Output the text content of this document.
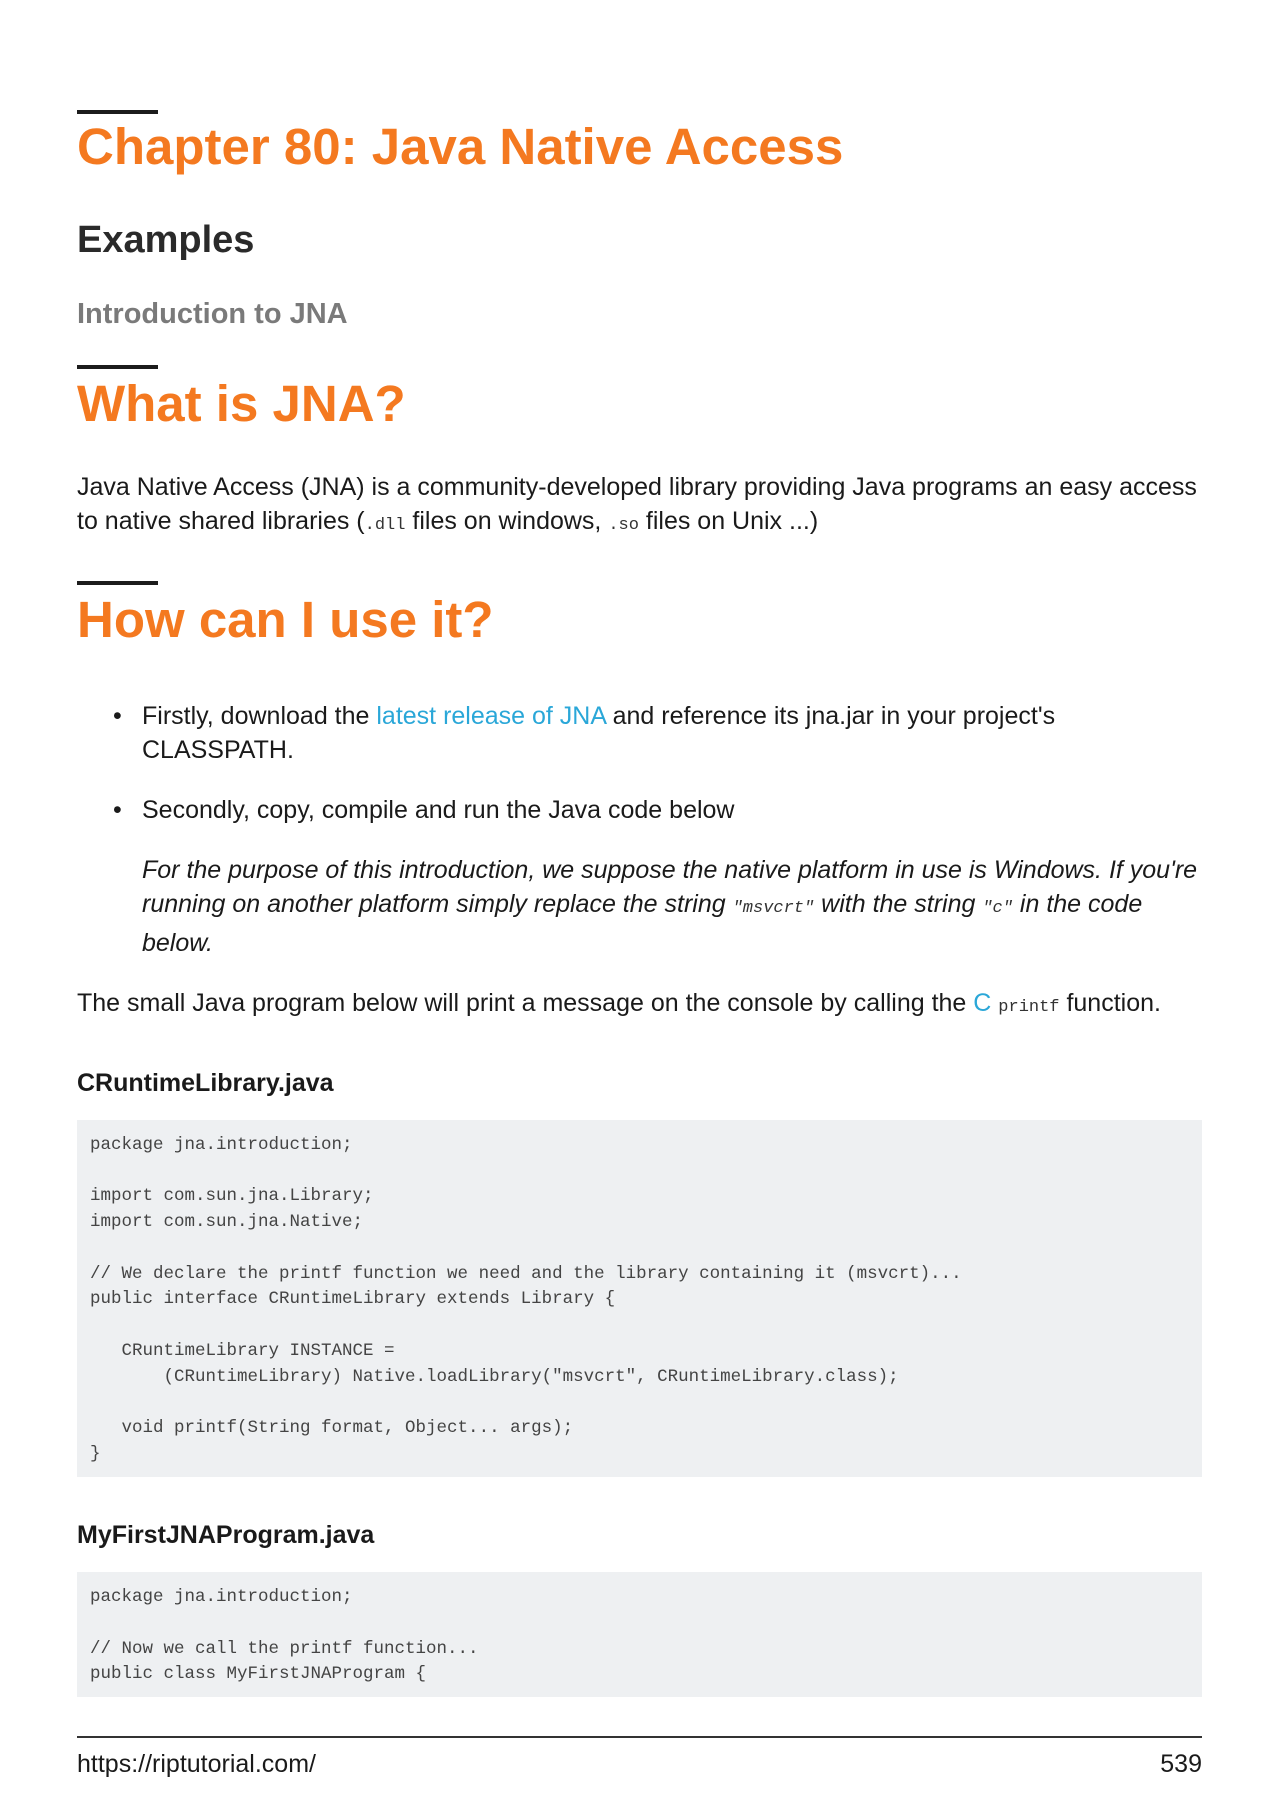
Chapter 80: Java Native Access
Examples
Introduction to JNA
What is JNA?

Java Native Access (JNA) is a community-developed library providing Java programs an easy access to native shared libraries (.dll files on windows, .so files on Unix ...)

How can I use it?
• Firstly, download the latest release of JNA and reference its jna.jar in your project's CLASSPATH.
• Secondly, copy, compile and run the Java code below

For the purpose of this introduction, we suppose the native platform in use is Windows. If you're running on another platform simply replace the string "msvcrt" with the string "c" in the code below.

The small Java program below will print a message on the console by calling the C printf function.

CRuntimeLibrary.java
package jna.introduction;

import com.sun.jna.Library;
import com.sun.jna.Native;

// We declare the printf function we need and the library containing it (msvcrt)...
public interface CRuntimeLibrary extends Library {

CRuntimeLibrary INSTANCE =
(CRuntimeLibrary) Native.loadLibrary("msvcrt", CRuntimeLibrary.class);

void printf(String format, Object... args);
}
MyFirstJNAProgram.java
package jna.introduction;

// Now we call the printf function...
public class MyFirstJNAProgram {
https://riptutorial.com/	539
